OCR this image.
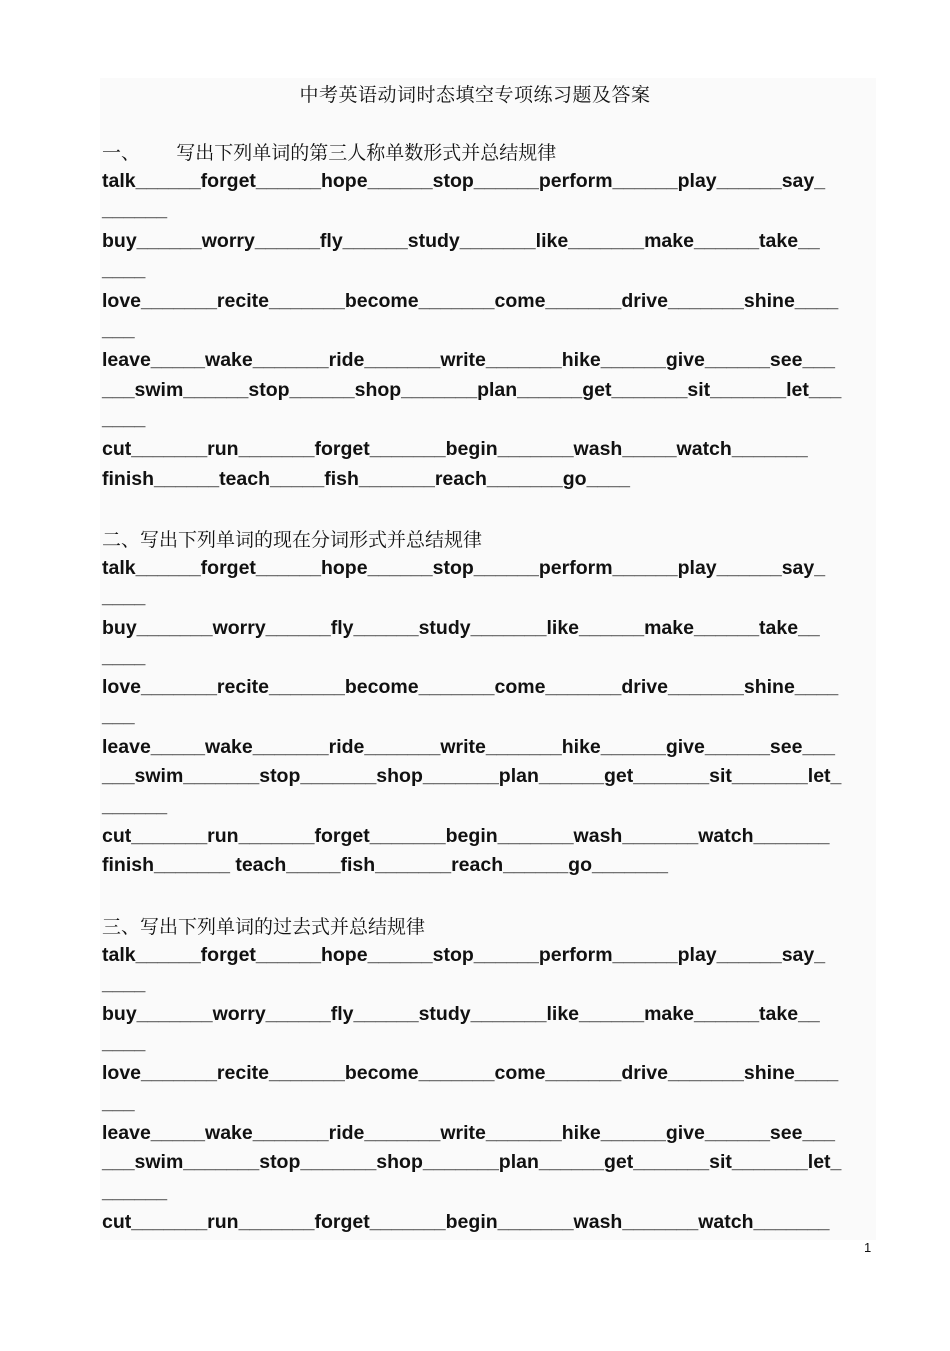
中考英语动词时态填空专项练习题及答案
一、      写出下列单词的第三人称单数形式并总结规律
talk______forget______hope______stop______perform______play______say_
______
buy______worry______fly______study_______like_______make______take__
____
love_______recite_______become_______come_______drive_______shine____
___
leave_____wake_______ride_______write_______hike______give______see___
___swim______stop______shop_______plan______get_______sit_______let___
____
cut_______run_______forget_______begin_______wash_____watch_______
finish______teach_____fish_______reach_______go____
二、写出下列单词的现在分词形式并总结规律
talk______forget______hope______stop______perform______play______say_
____
buy_______worry______fly______study_______like______make______take__
____
love_______recite_______become_______come_______drive_______shine____
___
leave_____wake_______ride_______write_______hike______give______see___
___swim_______stop_______shop_______plan______get_______sit_______let_
______
cut_______run_______forget_______begin_______wash_______watch_______
finish_______ teach_____fish_______reach______go_______
三、写出下列单词的过去式并总结规律
talk______forget______hope______stop______perform______play______say_
____
buy_______worry______fly______study_______like______make______take__
____
love_______recite_______become_______come_______drive_______shine____
___
leave_____wake_______ride_______write_______hike______give______see___
___swim_______stop_______shop_______plan______get_______sit_______let_
______
cut_______run_______forget_______begin_______wash_______watch_______
1
